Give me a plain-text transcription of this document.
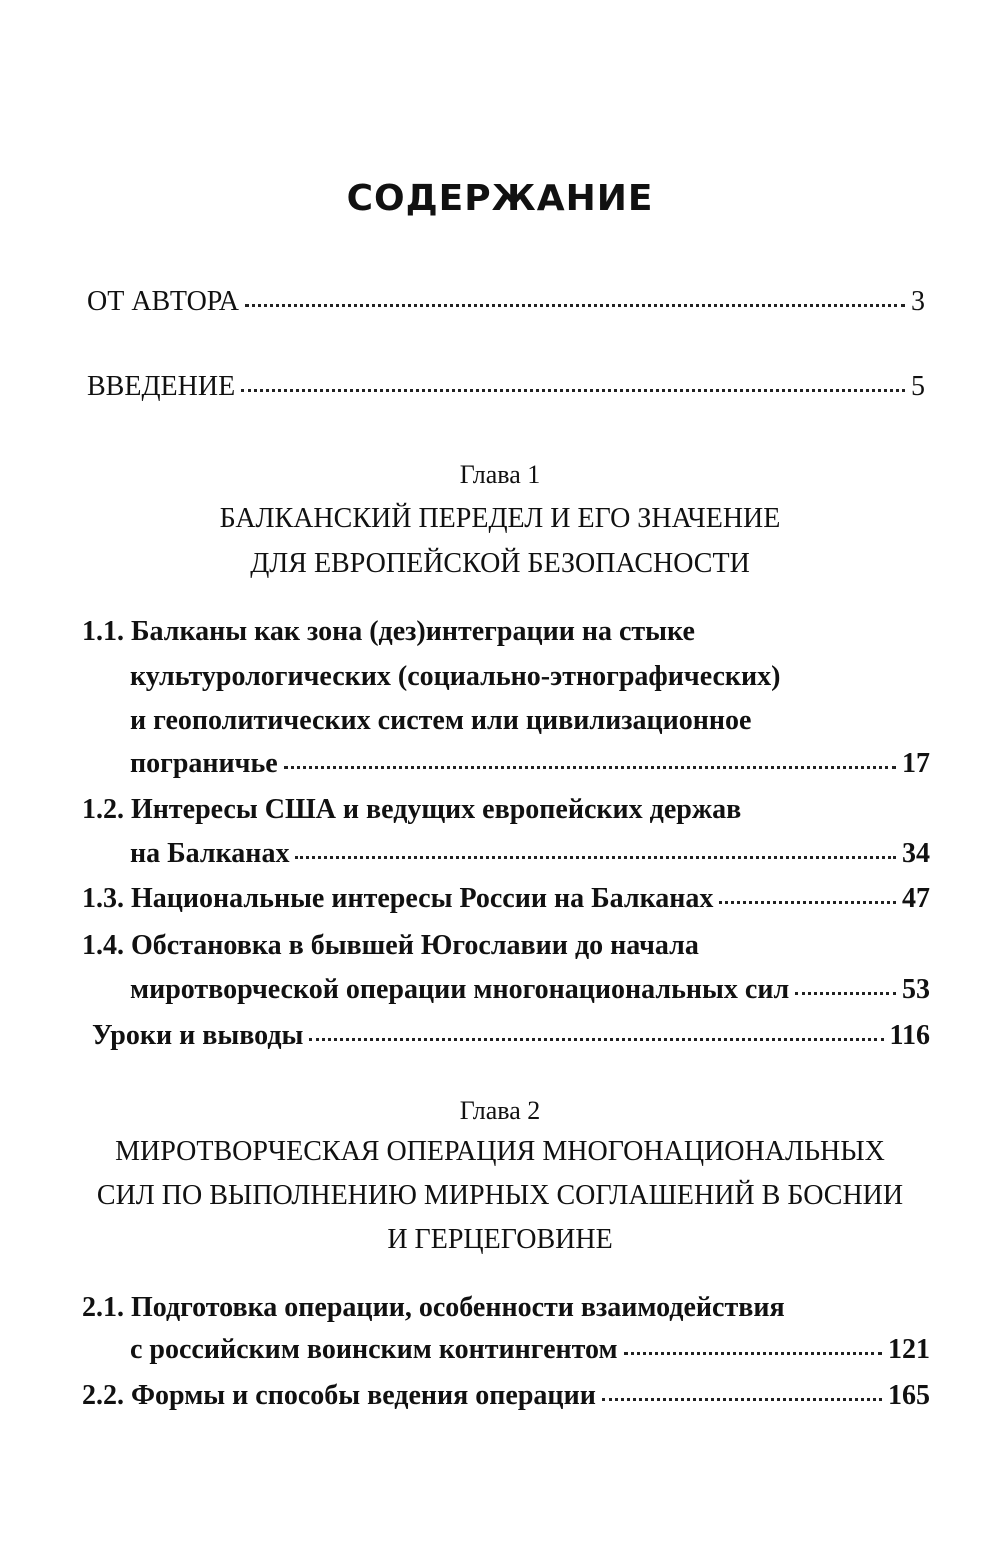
СОДЕРЖАНИЕ
ОТ АВТОРА	3
ВВЕДЕНИЕ	5
Глава 1
БАЛКАНСКИЙ ПЕРЕДЕЛ И ЕГО ЗНАЧЕНИЕ
ДЛЯ ЕВРОПЕЙСКОЙ БЕЗОПАСНОСТИ
1.1. Балканы как зона (дез)интеграции на стыке
культурологических (социально-этнографических)
и геополитических систем или цивилизационное
пограничье	17
1.2. Интересы США и ведущих европейских держав
на Балканах	34
1.3. Национальные интересы России на Балканах	47
1.4. Обстановка в бывшей Югославии до начала
миротворческой операции многонациональных сил	53
Уроки и выводы	116
Глава 2
МИРОТВОРЧЕСКАЯ ОПЕРАЦИЯ МНОГОНАЦИОНАЛЬНЫХ
СИЛ ПО ВЫПОЛНЕНИЮ МИРНЫХ СОГЛАШЕНИЙ В БОСНИИ
И ГЕРЦЕГОВИНЕ
2.1. Подготовка операции, особенности взаимодействия
с российским воинским контингентом	121
2.2. Формы и способы ведения операции	165
